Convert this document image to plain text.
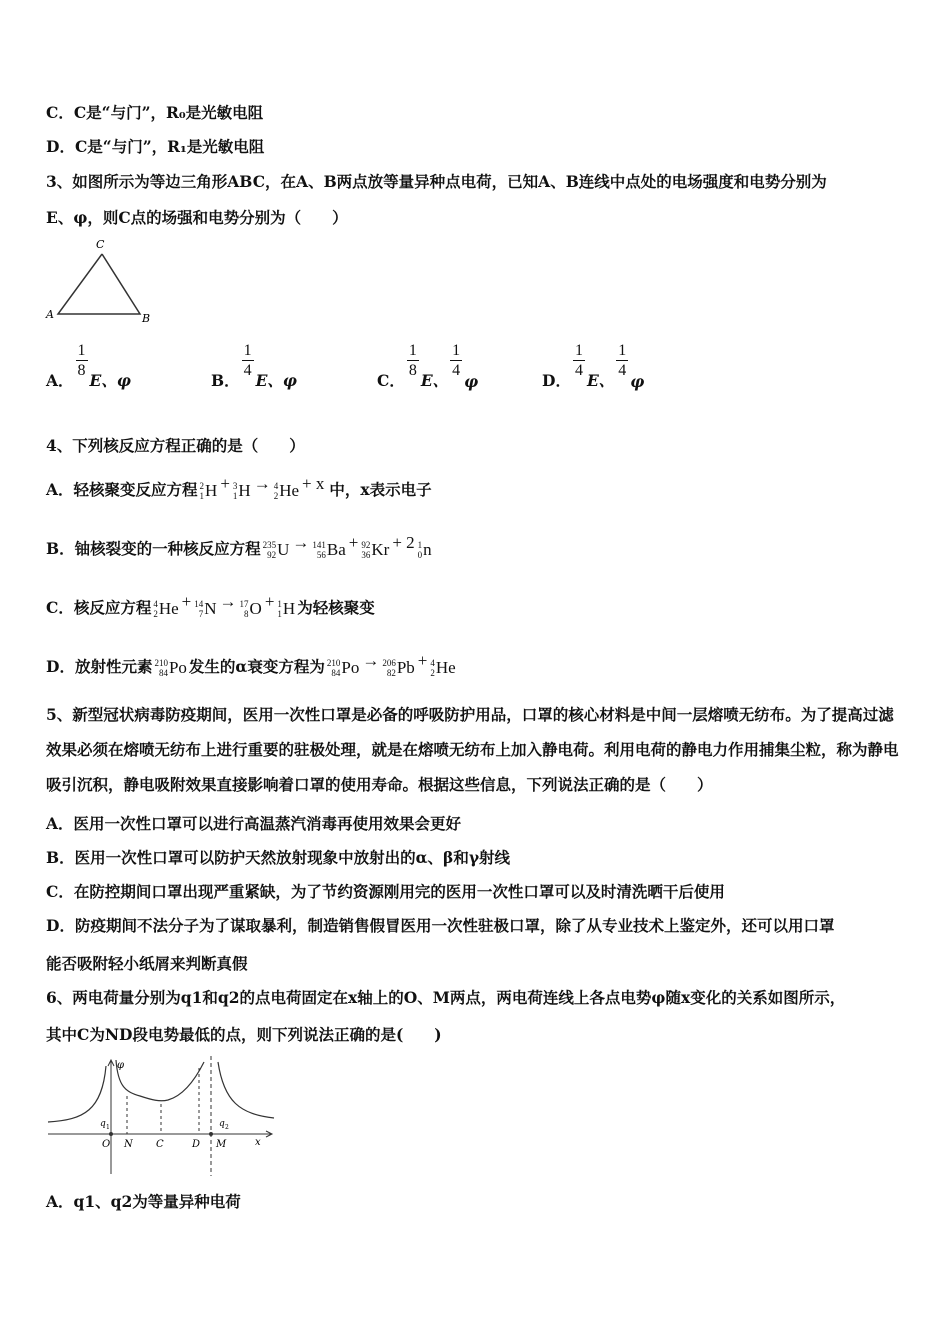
C．C是“与门”，R₀是光敏电阻
D．C是“与门”，R₁是光敏电阻
3、如图所示为等边三角形ABC，在A、B两点放等量异种点电荷，已知A、B连线中点处的电场强度和电势分别为
E、φ，则C点的场强和电势分别为（　　）
C
A	B
A． $\frac{1}{8}$ E、φ	B． $\frac{1}{4}$ E、φ	C． $\frac{1}{8}$ E、 $\frac{1}{4}$
φ	D． $\frac{1}{4}$ E、 $\frac{1}{4}$
φ
4、下列核反应方程正确的是（　　）
A．轻核聚变反应方程 2
1 H + 3
1 H → 4
2 He + x 中，x表示电子
B．铀核裂变的一种核反应方程 235
92 U → 141
56 Ba + 92
36 Kr + 2 1
0 n
C．核反应方程 4
2 He + 14
7 N → 17
8 O + 1
1 H 为轻核聚变
D．放射性元素 210
84 Po 发生的α衰变方程为 210
84 Po → 206
82 Pb + 4
2 He
5、新型冠状病毒防疫期间，医用一次性口罩是必备的呼吸防护用品，口罩的核心材料是中间一层熔喷无纺布。为了提高过滤效果必须在熔喷无纺布上进行重要的驻极处理，就是在熔喷无纺布上加入静电荷。利用电荷的静电力作用捕集尘粒，称为静电吸引沉积，静电吸附效果直接影响着口罩的使用寿命。根据这些信息，下列说法正确的是（　　）
A．医用一次性口罩可以进行高温蒸汽消毒再使用效果会更好
B．医用一次性口罩可以防护天然放射现象中放射出的α、β和γ射线
C．在防控期间口罩出现严重紧缺，为了节约资源刚用完的医用一次性口罩可以及时清洗晒干后使用
D．防疫期间不法分子为了谋取暴利，制造销售假冒医用一次性驻极口罩，除了从专业技术上鉴定外，还可以用口罩
能否吸附轻小纸屑来判断真假
6、两电荷量分别为q1和q2的点电荷固定在x轴上的O、M两点，两电荷连线上各点电势φ随x变化的关系如图所示，
其中C为ND段电势最低的点，则下列说法正确的是(　　)
φ
x
O N C	D M
q 1	q 2
A．q1、q2为等量异种电荷
